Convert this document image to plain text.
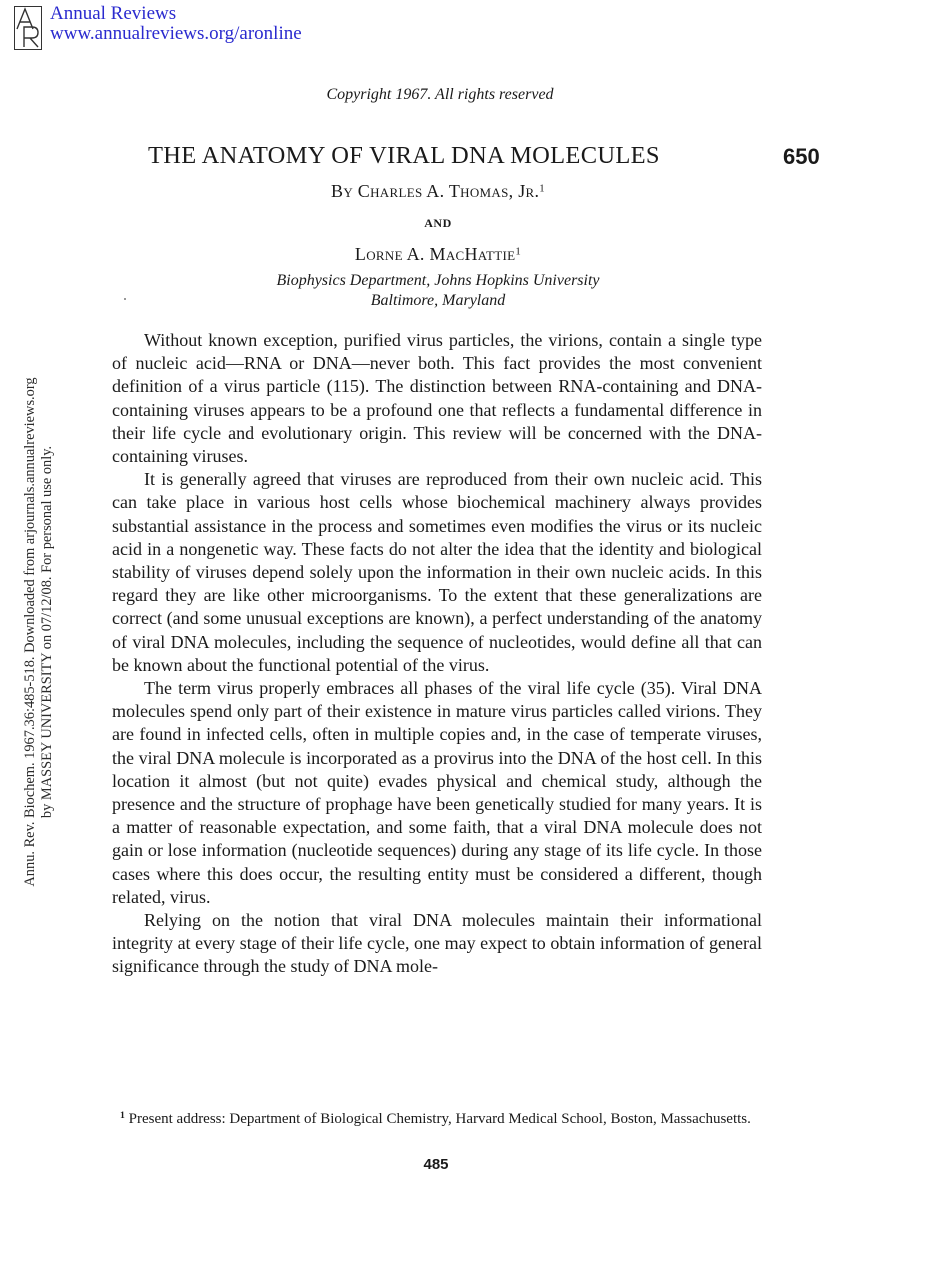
Annual Reviews
www.annualreviews.org/aronline
Annu. Rev. Biochem. 1967.36:485-518. Downloaded from arjournals.annualreviews.org by MASSEY UNIVERSITY on 07/12/08. For personal use only.
Copyright 1967. All rights reserved
THE ANATOMY OF VIRAL DNA MOLECULES	650
By Charles A. Thomas, Jr.$^1$
AND
Lorne A. MacHattie$^1$
Biophysics Department, Johns Hopkins University
Baltimore, Maryland

Without known exception, purified virus particles, the virions, contain a single type of nucleic acid—RNA or DNA—never both. This fact provides the most convenient definition of a virus particle (115). The distinction between RNA-containing and DNA-containing viruses appears to be a profound one that reflects a fundamental difference in their life cycle and evolutionary origin. This review will be concerned with the DNA-containing viruses.

It is generally agreed that viruses are reproduced from their own nucleic acid. This can take place in various host cells whose biochemical machinery always provides substantial assistance in the process and sometimes even modifies the virus or its nucleic acid in a nongenetic way. These facts do not alter the idea that the identity and biological stability of viruses depend solely upon the information in their own nucleic acids. In this regard they are like other microorganisms. To the extent that these generalizations are correct (and some unusual exceptions are known), a perfect understanding of the anatomy of viral DNA molecules, including the sequence of nucleotides, would define all that can be known about the functional potential of the virus.

The term virus properly embraces all phases of the viral life cycle (35). Viral DNA molecules spend only part of their existence in mature virus particles called virions. They are found in infected cells, often in multiple copies and, in the case of temperate viruses, the viral DNA molecule is incorporated as a provirus into the DNA of the host cell. In this location it almost (but not quite) evades physical and chemical study, although the presence and the structure of prophage have been genetically studied for many years. It is a matter of reasonable expectation, and some faith, that a viral DNA molecule does not gain or lose information (nucleotide sequences) during any stage of its life cycle. In those cases where this does occur, the resulting entity must be considered a different, though related, virus.

Relying on the notion that viral DNA molecules maintain their informational integrity at every stage of their life cycle, one may expect to obtain information of general significance through the study of DNA mole-

$^1$ Present address: Department of Biological Chemistry, Harvard Medical School, Boston, Massachusetts.
485
